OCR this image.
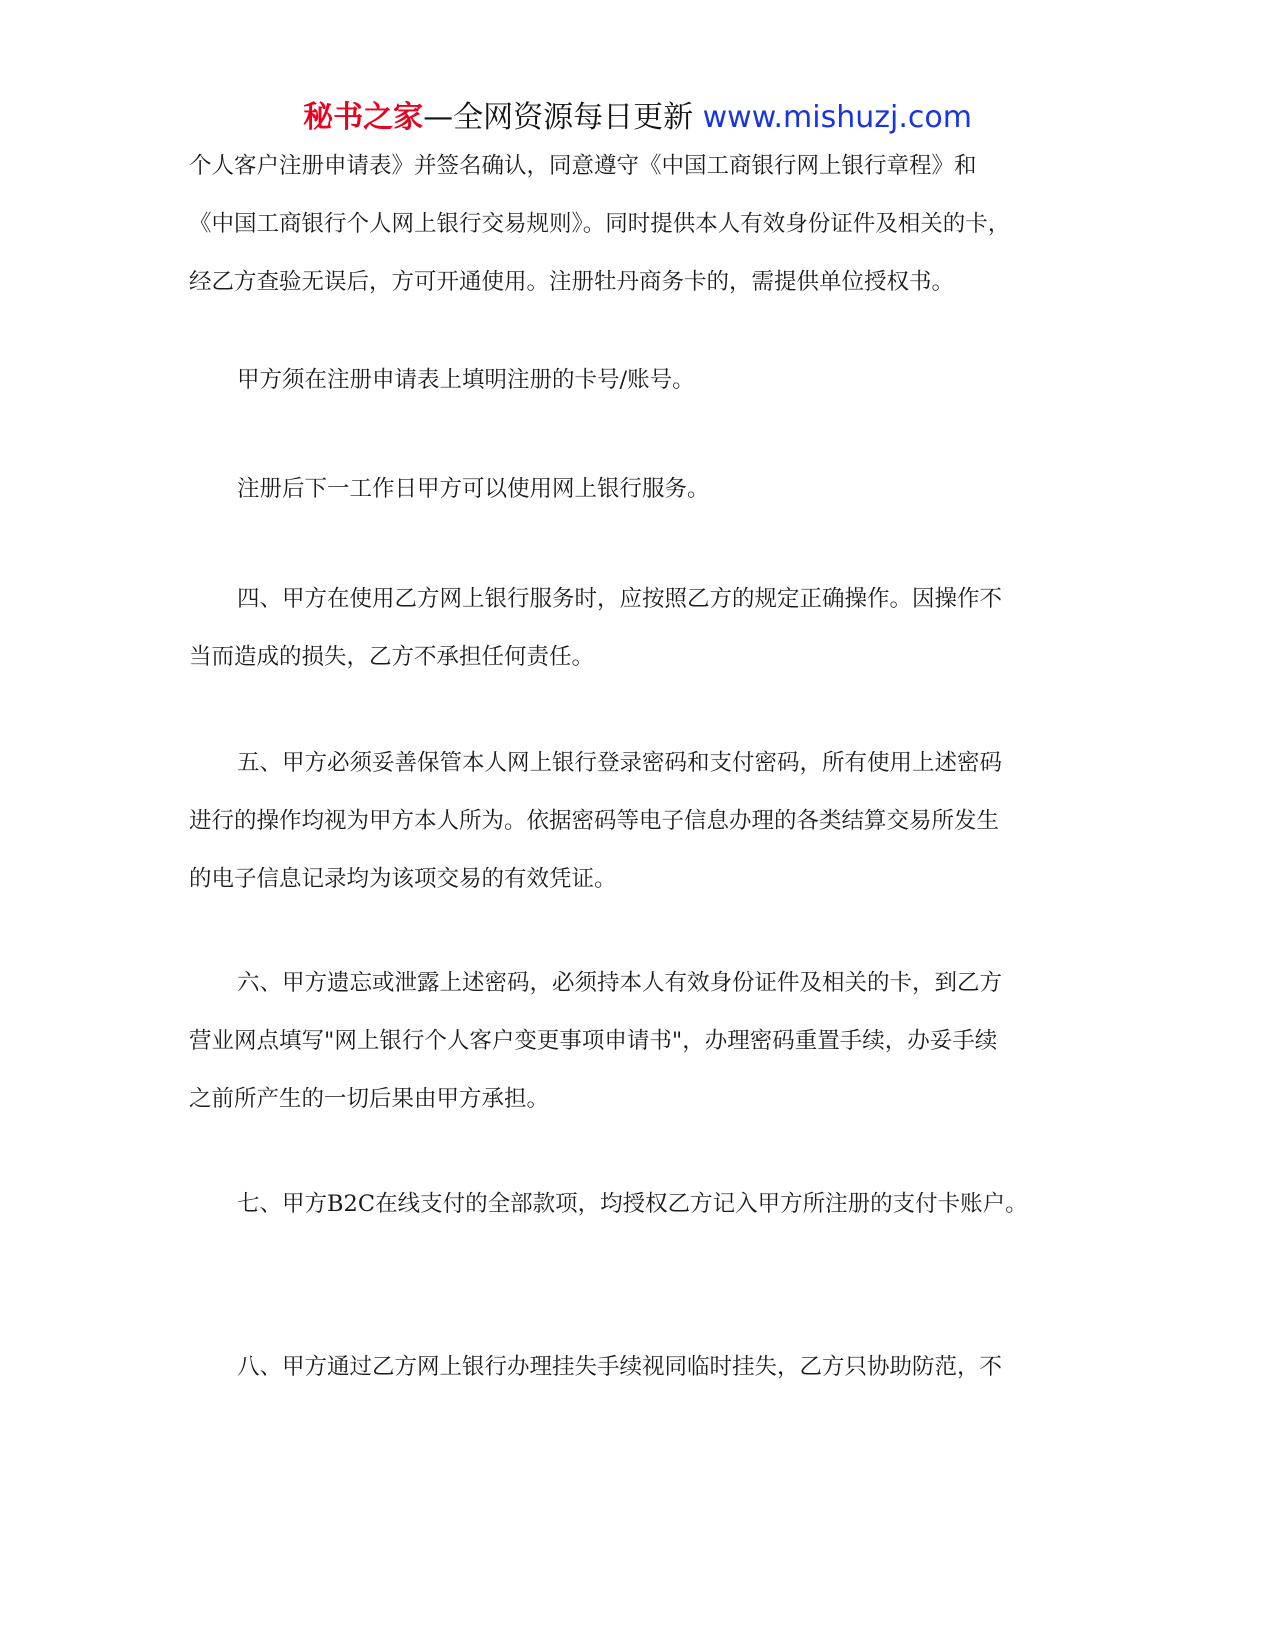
秘书之家—全网资源每日更新 www.mishuzj.com

个人客户注册申请表》并签名确认，同意遵守《中国工商银行网上银行章程》和
《中国工商银行个人网上银行交易规则》。同时提供本人有效身份证件及相关的卡，
经乙方查验无误后，方可开通使用。注册牡丹商务卡的，需提供单位授权书。

甲方须在注册申请表上填明注册的卡号/账号。

注册后下一工作日甲方可以使用网上银行服务。

四、甲方在使用乙方网上银行服务时，应按照乙方的规定正确操作。因操作不
当而造成的损失，乙方不承担任何责任。

五、甲方必须妥善保管本人网上银行登录密码和支付密码，所有使用上述密码
进行的操作均视为甲方本人所为。依据密码等电子信息办理的各类结算交易所发生
的电子信息记录均为该项交易的有效凭证。

六、甲方遗忘或泄露上述密码，必须持本人有效身份证件及相关的卡，到乙方
营业网点填写"网上银行个人客户变更事项申请书"，办理密码重置手续，办妥手续
之前所产生的一切后果由甲方承担。

七、甲方B2C在线支付的全部款项，均授权乙方记入甲方所注册的支付卡账户。

八、甲方通过乙方网上银行办理挂失手续视同临时挂失，乙方只协助防范，不
